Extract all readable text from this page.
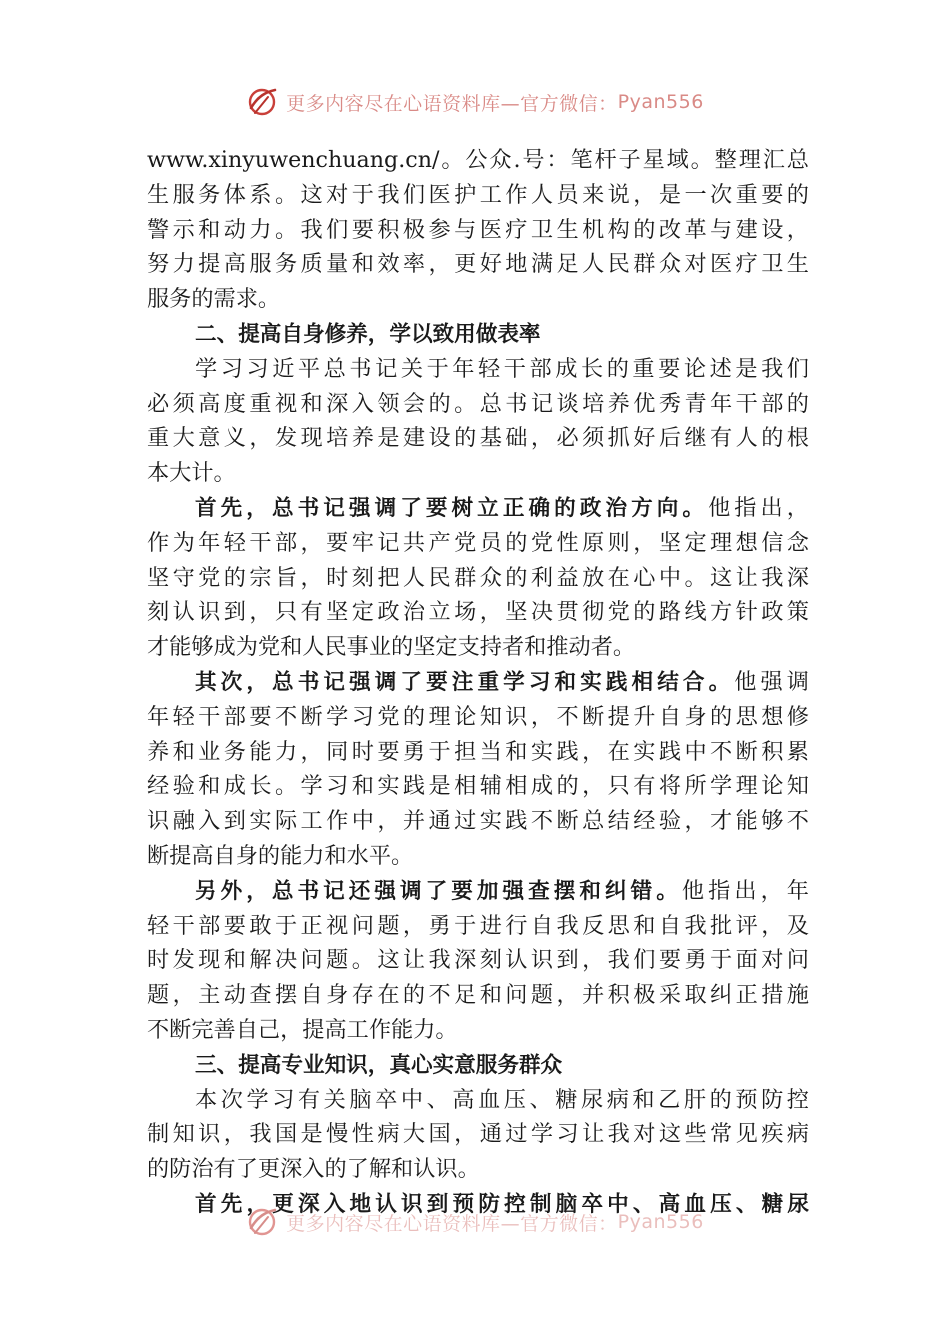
更多内容尽在心语资料库—官方微信： Pyan556
www.xinyuwenchuang.cn/。公众.号：笔杆子星域。整理汇总
生服务体系。这对于我们医护工作人员来说，是一次重要的
警示和动力。我们要积极参与医疗卫生机构的改革与建设，
努力提高服务质量和效率，更好地满足人民群众对医疗卫生
服务的需求。
二、提高自身修养，学以致用做表率
学习习近平总书记关于年轻干部成长的重要论述是我们
必须高度重视和深入领会的。总书记谈培养优秀青年干部的
重大意义，发现培养是建设的基础，必须抓好后继有人的根
本大计。
首先，总书记强调了要树立正确的政治方向。他指出，
作为年轻干部，要牢记共产党员的党性原则，坚定理想信念
坚守党的宗旨，时刻把人民群众的利益放在心中。这让我深
刻认识到，只有坚定政治立场，坚决贯彻党的路线方针政策
才能够成为党和人民事业的坚定支持者和推动者。
其次，总书记强调了要注重学习和实践相结合。他强调
年轻干部要不断学习党的理论知识，不断提升自身的思想修
养和业务能力，同时要勇于担当和实践，在实践中不断积累
经验和成长。学习和实践是相辅相成的，只有将所学理论知
识融入到实际工作中，并通过实践不断总结经验，才能够不
断提高自身的能力和水平。
另外，总书记还强调了要加强查摆和纠错。他指出，年
轻干部要敢于正视问题，勇于进行自我反思和自我批评，及
时发现和解决问题。这让我深刻认识到，我们要勇于面对问
题，主动查摆自身存在的不足和问题，并积极采取纠正措施
不断完善自己，提高工作能力。
三、提高专业知识，真心实意服务群众
本次学习有关脑卒中、高血压、糖尿病和乙肝的预防控
制知识，我国是慢性病大国，通过学习让我对这些常见疾病
的防治有了更深入的了解和认识。
首先，更深入地认识到预防控制脑卒中、高血压、糖尿
更多内容尽在心语资料库—官方微信： Pyan556
